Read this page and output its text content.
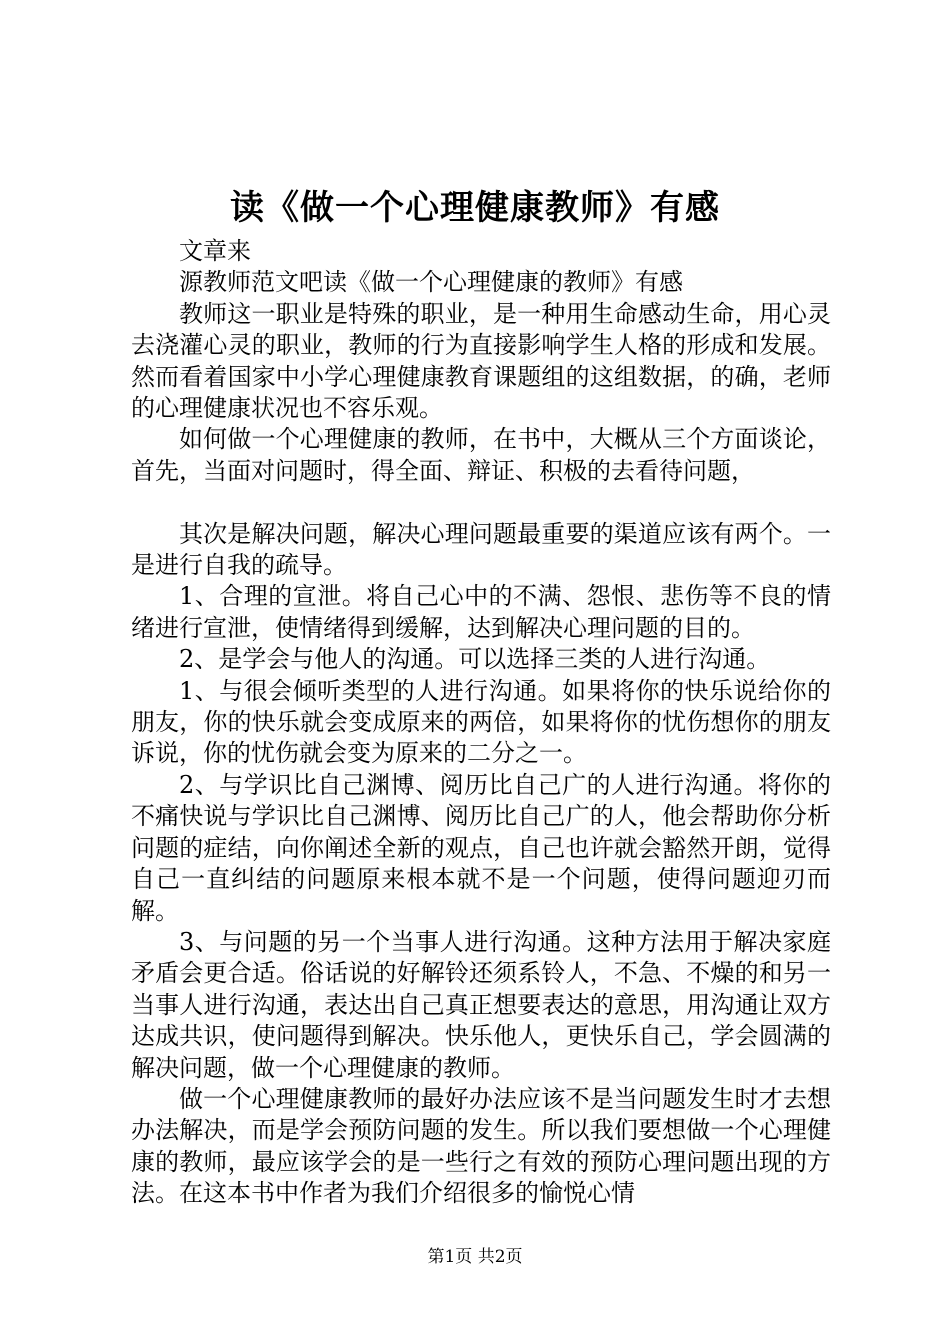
读《做一个心理健康教师》有感

文章来

源教师范文吧读《做一个心理健康的教师》有感

教师这一职业是特殊的职业，是一种用生命感动生命，用心灵去浇灌心灵的职业，教师的行为直接影响学生人格的形成和发展。然而看着国家中小学心理健康教育课题组的这组数据，的确，老师的心理健康状况也不容乐观。

如何做一个心理健康的教师，在书中，大概从三个方面谈论，首先，当面对问题时，得全面、辩证、积极的去看待问题，

其次是解决问题，解决心理问题最重要的渠道应该有两个。一是进行自我的疏导。

1、合理的宣泄。将自己心中的不满、怨恨、悲伤等不良的情绪进行宣泄，使情绪得到缓解，达到解决心理问题的目的。

2、是学会与他人的沟通。可以选择三类的人进行沟通。

1、与很会倾听类型的人进行沟通。如果将你的快乐说给你的朋友，你的快乐就会变成原来的两倍，如果将你的忧伤想你的朋友诉说，你的忧伤就会变为原来的二分之一。

2、与学识比自己渊博、阅历比自己广的人进行沟通。将你的不痛快说与学识比自己渊博、阅历比自己广的人，他会帮助你分析问题的症结，向你阐述全新的观点，自己也许就会豁然开朗，觉得自己一直纠结的问题原来根本就不是一个问题，使得问题迎刃而解。

3、与问题的另一个当事人进行沟通。这种方法用于解决家庭矛盾会更合适。俗话说的好解铃还须系铃人，不急、不燥的和另一当事人进行沟通，表达出自己真正想要表达的意思，用沟通让双方达成共识，使问题得到解决。快乐他人，更快乐自己，学会圆满的解决问题，做一个心理健康的教师。

做一个心理健康教师的最好办法应该不是当问题发生时才去想办法解决，而是学会预防问题的发生。所以我们要想做一个心理健康的教师，最应该学会的是一些行之有效的预防心理问题出现的方法。在这本书中作者为我们介绍很多的愉悦心情

第1页 共2页
